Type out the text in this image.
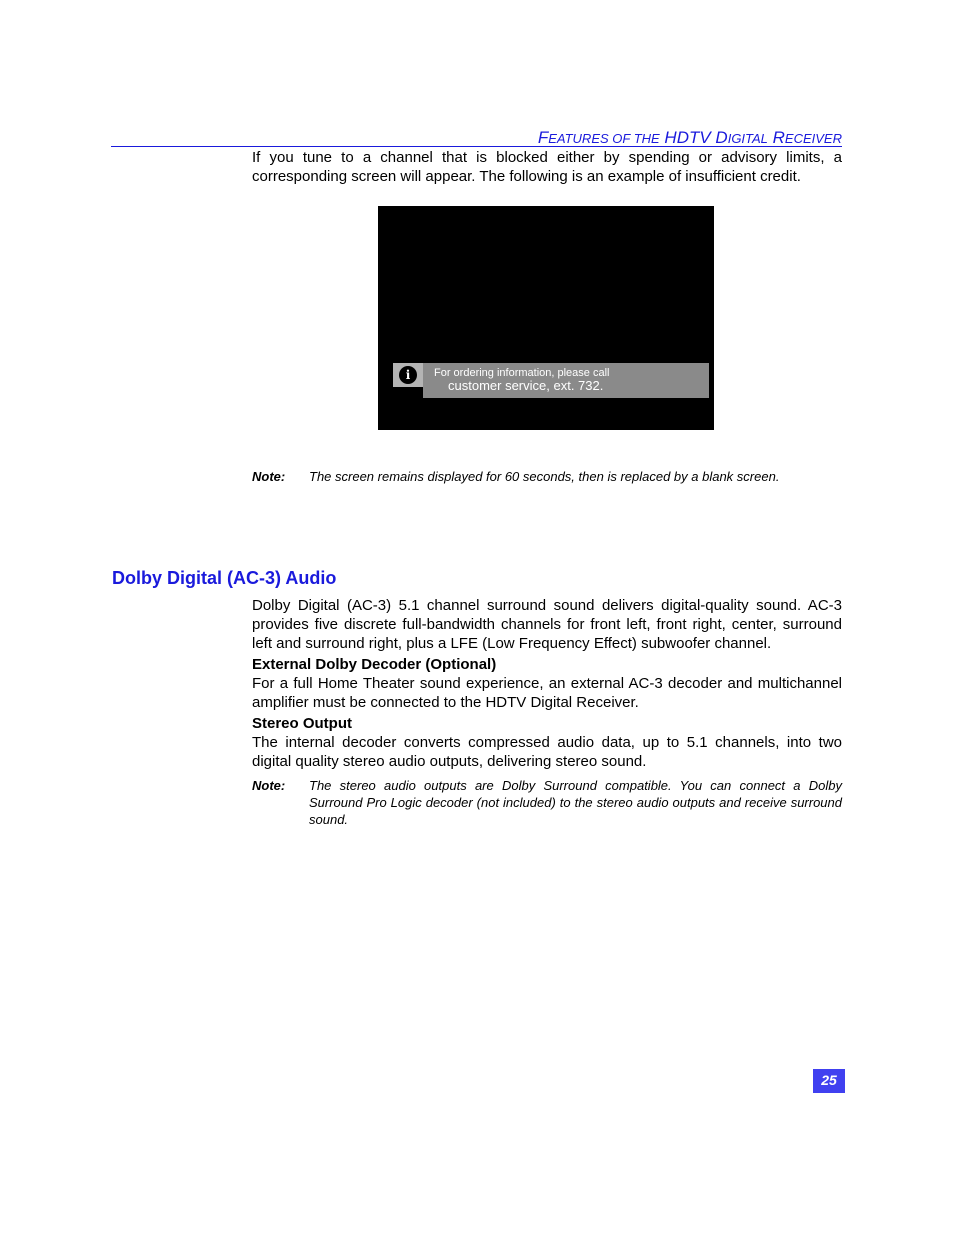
FEATURES OF THE HDTV DIGITAL RECEIVER
If you tune to a channel that is blocked either by spending or advisory limits, a corresponding screen will appear. The following is an example of insufficient credit.
i	For ordering information, please call
customer service, ext. 732.
Note: The screen remains displayed for 60 seconds, then is replaced by a blank screen.
Dolby Digital (AC-3) Audio
Dolby Digital (AC-3) 5.1 channel surround sound delivers digital-quality sound. AC-3 provides five discrete full-bandwidth channels for front left, front right, center, surround left and surround right, plus a LFE (Low Frequency Effect) subwoofer channel.
External Dolby Decoder (Optional)
For a full Home Theater sound experience, an external AC-3 decoder and multichannel amplifier must be connected to the HDTV Digital Receiver.
Stereo Output
The internal decoder converts compressed audio data, up to 5.1 channels, into two digital quality stereo audio outputs, delivering stereo sound.
Note: The stereo audio outputs are Dolby Surround compatible. You can connect a Dolby Surround Pro Logic decoder (not included) to the stereo audio outputs and receive surround sound.
25
